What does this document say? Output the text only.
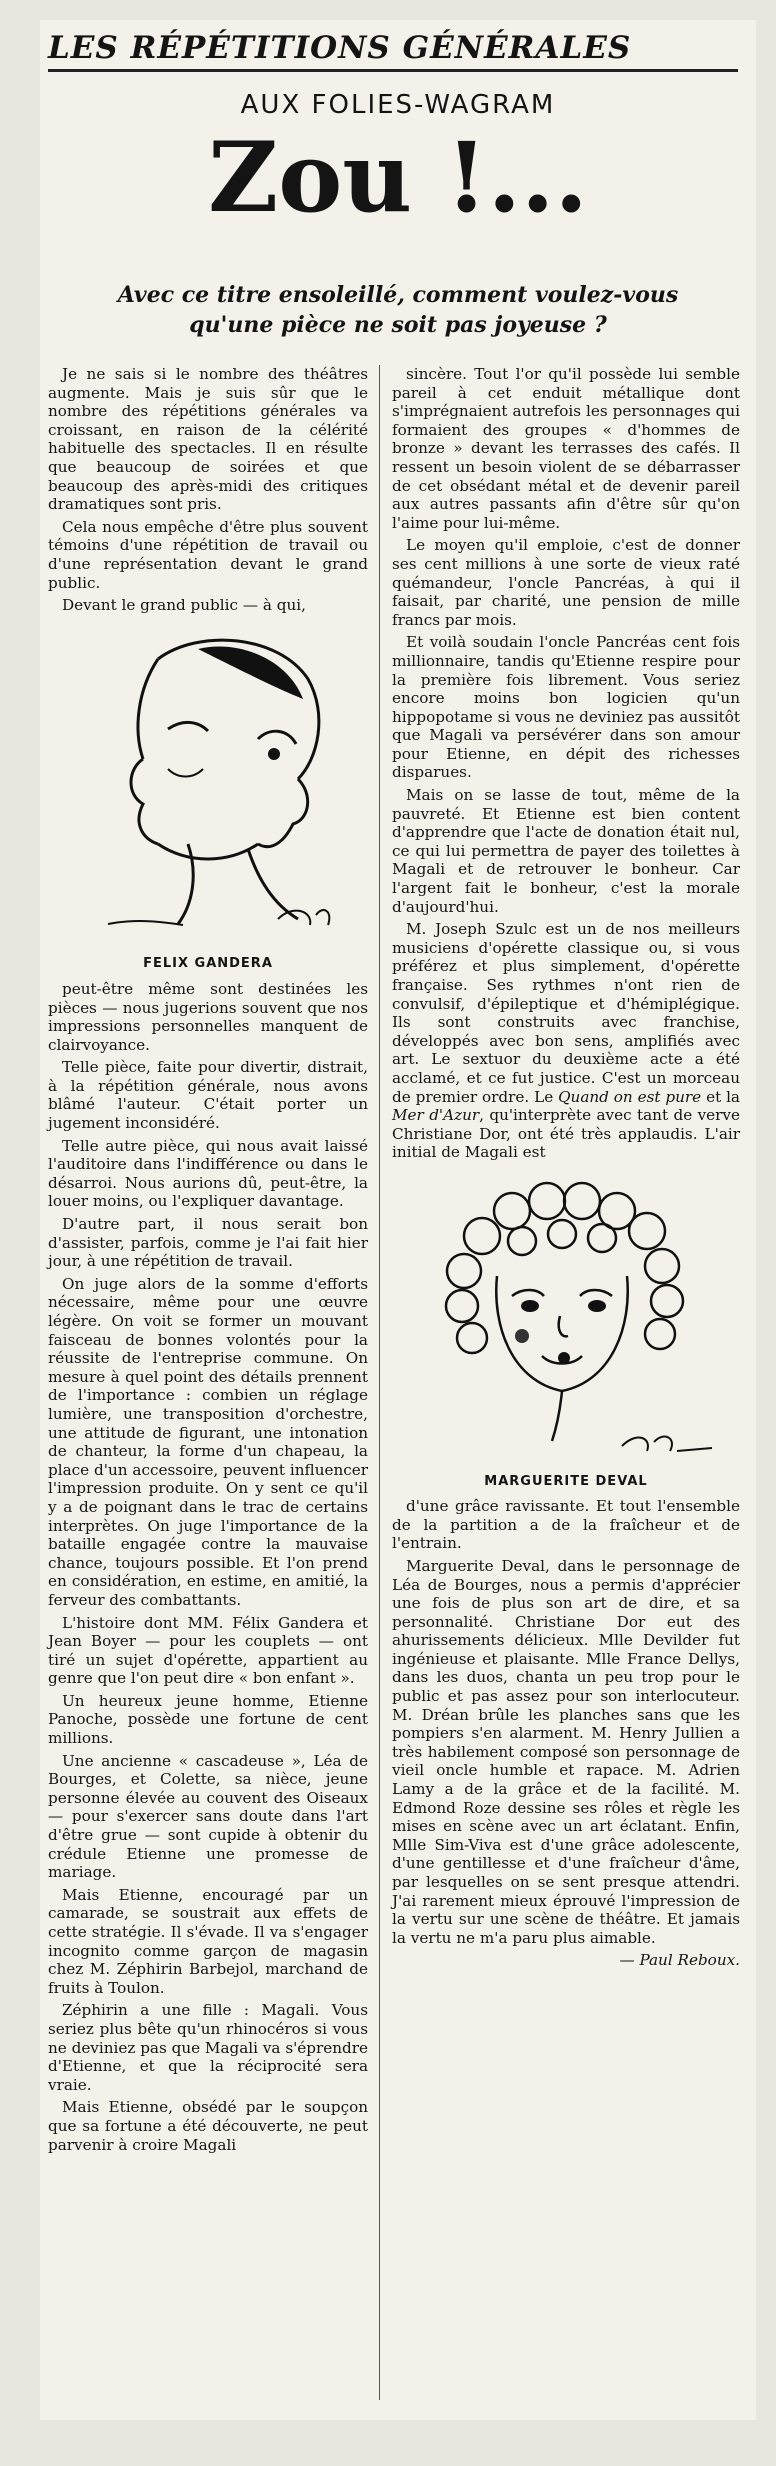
LES RÉPÉTITIONS GÉNÉRALES
AUX FOLIES-WAGRAM
Zou !...
Avec ce titre ensoleillé, comment voulez-vous qu'une pièce ne soit pas joyeuse ?

Je ne sais si le nombre des théâtres augmente. Mais je suis sûr que le nombre des répétitions générales va croissant, en raison de la célérité habituelle des spectacles. Il en résulte que beaucoup de soirées et que beaucoup des après-midi des critiques dramatiques sont pris.

Cela nous empêche d'être plus souvent témoins d'une répétition de travail ou d'une représentation devant le grand public.

Devant le grand public — à qui,

FELIX GANDERA

peut-être même sont destinées les pièces — nous jugerions souvent que nos impressions personnelles manquent de clairvoyance.

Telle pièce, faite pour divertir, distrait, à la répétition générale, nous avons blâmé l'auteur. C'était porter un jugement inconsidéré.

Telle autre pièce, qui nous avait laissé l'auditoire dans l'indifférence ou dans le désarroi. Nous aurions dû, peut-être, la louer moins, ou l'expliquer davantage.

D'autre part, il nous serait bon d'assister, parfois, comme je l'ai fait hier jour, à une répétition de travail.

On juge alors de la somme d'efforts nécessaire, même pour une œuvre légère. On voit se former un mouvant faisceau de bonnes volontés pour la réussite de l'entreprise commune. On mesure à quel point des détails prennent de l'importance : combien un réglage lumière, une transposition d'orchestre, une attitude de figurant, une intonation de chanteur, la forme d'un chapeau, la place d'un accessoire, peuvent influencer l'impression produite. On y sent ce qu'il y a de poignant dans le trac de certains interprètes. On juge l'importance de la bataille engagée contre la mauvaise chance, toujours possible. Et l'on prend en considération, en estime, en amitié, la ferveur des combattants.

L'histoire dont MM. Félix Gandera et Jean Boyer — pour les couplets — ont tiré un sujet d'opérette, appartient au genre que l'on peut dire « bon enfant ».

Un heureux jeune homme, Etienne Panoche, possède une fortune de cent millions.

Une ancienne « cascadeuse », Léa de Bourges, et Colette, sa nièce, jeune personne élevée au couvent des Oiseaux — pour s'exercer sans doute dans l'art d'être grue — sont cupide à obtenir du crédule Etienne une promesse de mariage.

Mais Etienne, encouragé par un camarade, se soustrait aux effets de cette stratégie. Il s'évade. Il va s'engager incognito comme garçon de magasin chez M. Zéphirin Barbejol, marchand de fruits à Toulon.

Zéphirin a une fille : Magali. Vous seriez plus bête qu'un rhinocéros si vous ne deviniez pas que Magali va s'éprendre d'Etienne, et que la réciprocité sera vraie.

Mais Etienne, obsédé par le soupçon que sa fortune a été découverte, ne peut parvenir à croire Magali

sincère. Tout l'or qu'il possède lui semble pareil à cet enduit métallique dont s'imprégnaient autrefois les personnages qui formaient des groupes « d'hommes de bronze » devant les terrasses des cafés. Il ressent un besoin violent de se débarrasser de cet obsédant métal et de devenir pareil aux autres passants afin d'être sûr qu'on l'aime pour lui-même.

Le moyen qu'il emploie, c'est de donner ses cent millions à une sorte de vieux raté quémandeur, l'oncle Pancréas, à qui il faisait, par charité, une pension de mille francs par mois.

Et voilà soudain l'oncle Pancréas cent fois millionnaire, tandis qu'Etienne respire pour la première fois librement. Vous seriez encore moins bon logicien qu'un hippopotame si vous ne deviniez pas aussitôt que Magali va persévérer dans son amour pour Etienne, en dépit des richesses disparues.

Mais on se lasse de tout, même de la pauvreté. Et Etienne est bien content d'apprendre que l'acte de donation était nul, ce qui lui permettra de payer des toilettes à Magali et de retrouver le bonheur. Car l'argent fait le bonheur, c'est la morale d'aujourd'hui.

M. Joseph Szulc est un de nos meilleurs musiciens d'opérette classique ou, si vous préférez et plus simplement, d'opérette française. Ses rythmes n'ont rien de convulsif, d'épileptique et d'hémiplégique. Ils sont construits avec franchise, développés avec bon sens, amplifiés avec art. Le sextuor du deuxième acte a été acclamé, et ce fut justice. C'est un morceau de premier ordre. Le Quand on est pure et la Mer d'Azur, qu'interprète avec tant de verve Christiane Dor, ont été très applaudis. L'air initial de Magali est

MARGUERITE DEVAL

d'une grâce ravissante. Et tout l'ensemble de la partition a de la fraîcheur et de l'entrain.

Marguerite Deval, dans le personnage de Léa de Bourges, nous a permis d'apprécier une fois de plus son art de dire, et sa personnalité. Christiane Dor eut des ahurissements délicieux. Mlle Devilder fut ingénieuse et plaisante. Mlle France Dellys, dans les duos, chanta un peu trop pour le public et pas assez pour son interlocuteur. M. Dréan brûle les planches sans que les pompiers s'en alarment. M. Henry Jullien a très habilement composé son personnage de vieil oncle humble et rapace. M. Adrien Lamy a de la grâce et de la facilité. M. Edmond Roze dessine ses rôles et règle les mises en scène avec un art éclatant. Enfin, Mlle Sim-Viva est d'une grâce adolescente, d'une gentillesse et d'une fraîcheur d'âme, par lesquelles on se sent presque attendri. J'ai rarement mieux éprouvé l'impression de la vertu sur une scène de théâtre. Et jamais la vertu ne m'a paru plus aimable.

— Paul Reboux.
